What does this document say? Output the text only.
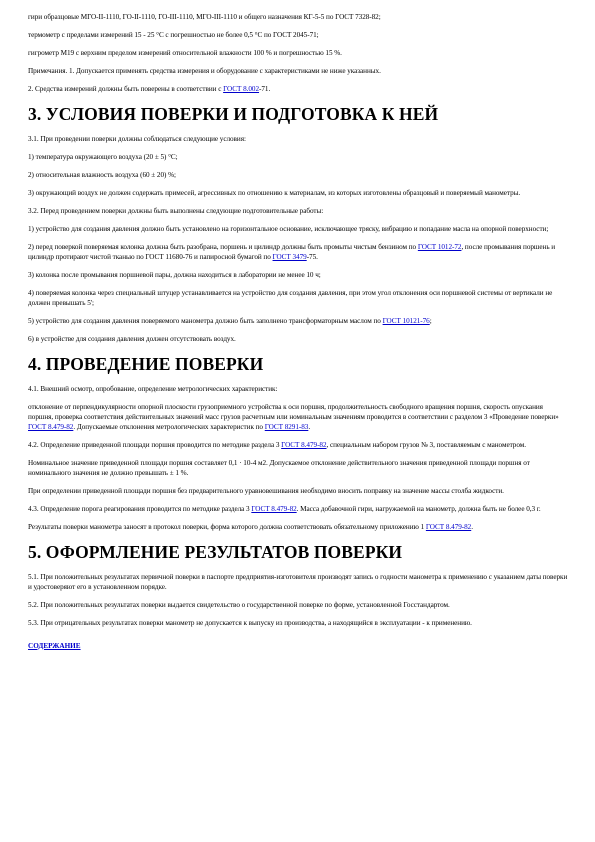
гири образцовые МГО-II-1110, ГО-II-1110, ГО-III-1110, МГО-III-1110 и общего назначения КГ-5-5 по ГОСТ 7328-82;

термометр с пределами измерений 15 - 25 °С с погрешностью не более 0,5 °С по ГОСТ 2045-71;

гигрометр М19 с верхним пределом измерений относительной влажности 100 % и погрешностью 15 %.

Примечания. 1. Допускается применять средства измерения и оборудование с характеристиками не ниже указанных.

2. Средства измерений должны быть поверены в соответствии с ГОСТ 8.002-71.

3. УСЛОВИЯ ПОВЕРКИ И ПОДГОТОВКА К НЕЙ

3.1. При проведении поверки должны соблюдаться следующие условия:

1) температура окружающего воздуха (20 ± 5) °С;

2) относительная влажность воздуха (60 ± 20) %;

3) окружающий воздух не должен содержать примесей, агрессивных по отношению к материалам, из которых изготовлены образцовый и поверяемый манометры.

3.2. Перед проведением поверки должны быть выполнены следующие подготовительные работы:

1) устройство для создания давления должно быть установлено на горизонтальное основание, исключающее тряску, вибрацию и попадание масла на опорной поверхности;

2) перед поверкой поверяемая колонка должна быть разобрана, поршень и цилиндр должны быть промыты чистым бензином по ГОСТ 1012-72, после промывания поршень и цилиндр протирают чистой тканью по ГОСТ 11680-76 и папиросной бумагой по ГОСТ 3479-75.

3) колонка после промывания поршневой пары, должна находиться в лаборатории не менее 10 ч;

4) поверяемая колонка через специальный штуцер устанавливается на устройство для создания давления, при этом угол отклонения оси поршневой системы от вертикали не должен превышать 5';

5) устройство для создания давления поверяемого манометра должно быть заполнено трансформаторным маслом по ГОСТ 10121-76;

6) в устройстве для создания давления должен отсутствовать воздух.

4. ПРОВЕДЕНИЕ ПОВЕРКИ

4.1. Внешний осмотр, опробование, определение метрологических характеристик:

отклонение от перпендикулярности опорной плоскости грузоприемного устройства к оси поршня, продолжительность свободного вращения поршня, скорость опускания поршня, проверка соответствия действительных значений масс грузов расчетным или номинальным значениям проводится в соответствии с разделом 3 «Проведение поверки» ГОСТ 8.479-82. Допускаемые отклонения метрологических характеристик по ГОСТ 8291-83.

4.2. Определение приведенной площади поршня проводится по методике раздела 3 ГОСТ 8.479-82, специальным набором грузов № 3, поставляемым с манометром.

Номинальное значение приведенной площади поршня составляет 0,1 · 10-4 м2. Допускаемое отклонение действительного значения приведенной площади поршня от номинального значения не должно превышать ± 1 %.

При определении приведенной площади поршня без предварительного уравновешивания необходимо вносить поправку на значение массы столба жидкости.

4.3. Определение порога реагирования проводится по методике раздела 3 ГОСТ 8.479-82. Масса добавочной гири, нагружаемой на манометр, должна быть не более 0,3 г.

Результаты поверки манометра заносят в протокол поверки, форма которого должна соответствовать обязательному приложению 1 ГОСТ 8.479-82.

5. ОФОРМЛЕНИЕ РЕЗУЛЬТАТОВ ПОВЕРКИ

5.1. При положительных результатах первичной поверки в паспорте предприятия-изготовителя производят запись о годности манометра к применению с указанием даты поверки и удостоверяют его в установленном порядке.

5.2. При положительных результатах поверки выдается свидетельство о государственной поверке по форме, установленной Госстандартом.

5.3. При отрицательных результатах поверки манометр не допускается к выпуску из производства, а находящийся в эксплуатации - к применению.

СОДЕРЖАНИЕ
